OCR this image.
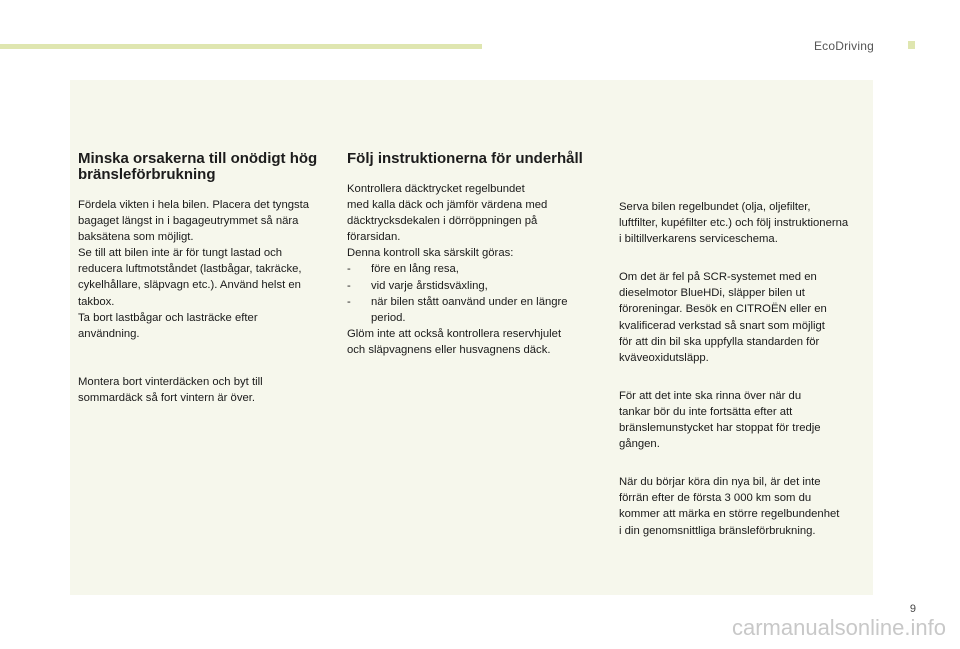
EcoDriving
Minska orsakerna till onödigt hög bränsleförbrukning

Fördela vikten i hela bilen. Placera det tyngsta
bagaget längst in i bagageutrymmet så nära
baksätena som möjligt.
Se till att bilen inte är för tungt lastad och
reducera luftmotståndet (lastbågar, takräcke,
cykelhållare, släpvagn etc.). Använd helst en
takbox.
Ta bort lastbågar och lasträcke efter
användning.

Montera bort vinterdäcken och byt till
sommardäck så fort vintern är över.

Följ instruktionerna för underhåll

Kontrollera däcktrycket regelbundet
med kalla däck och jämför värdena med
däcktrycksdekalen i dörröppningen på
förarsidan.
Denna kontroll ska särskilt göras:

- före en lång resa,
- vid varje årstidsväxling,
- när bilen stått oanvänd under en längre period.

Glöm inte att också kontrollera reservhjulet
och släpvagnens eller husvagnens däck.

Serva bilen regelbundet (olja, oljefilter,
luftfilter, kupéfilter etc.) och följ instruktionerna
i biltillverkarens serviceschema.

Om det är fel på SCR-systemet med en
dieselmotor BlueHDi, släpper bilen ut
föroreningar. Besök en CITROËN eller en
kvalificerad verkstad så snart som möjligt
för att din bil ska uppfylla standarden för
kväveoxidutsläpp.

För att det inte ska rinna över när du
tankar bör du inte fortsätta efter att
bränslemunstycket har stoppat för tredje
gången.

När du börjar köra din nya bil, är det inte
förrän efter de första 3 000 km som du
kommer att märka en större regelbundenhet
i din genomsnittliga bränsleförbrukning.

9
carmanualsonline.info
